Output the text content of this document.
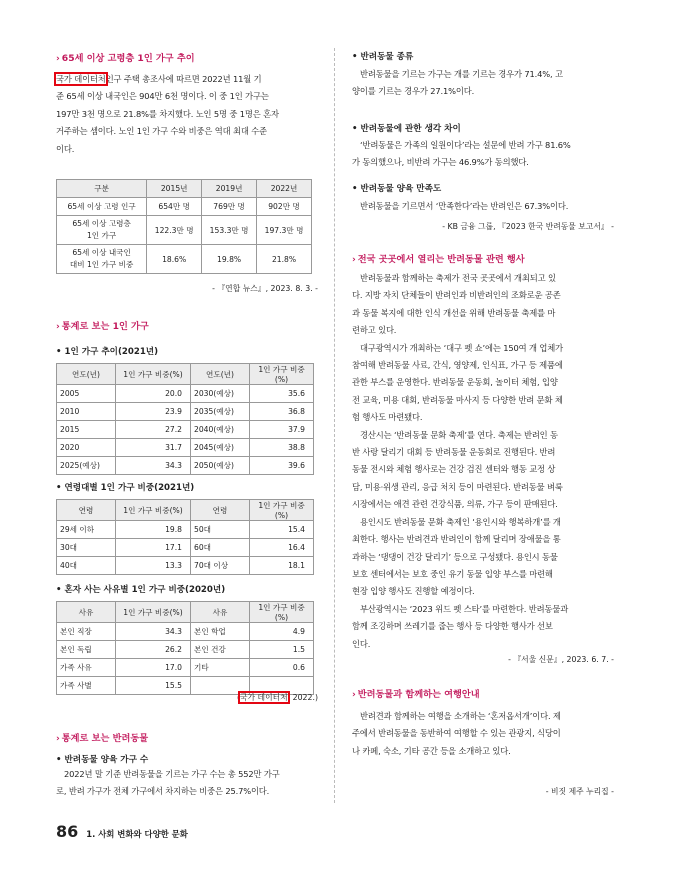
› 65세 이상 고령층 1인 가구 추이
국가 데이터처인구 주택 총조사에 따르면 2022년 11월 기
준 65세 이상 내국인은 904만 6천 명이다. 이 중 1인 가구는
197만 3천 명으로 21.8%를 차지했다. 노인 5명 중 1명은 혼자
거주하는 셈이다. 노인 1인 가구 수와 비중은 역대 최대 수준
이다.
구분	2015년	2019년	2022년
65세 이상 고령 인구	654만 명	769만 명	902만 명
65세 이상 고령층
1인 가구	122.3만 명	153.3만 명	197.3만 명
65세 이상 내국인
대비 1인 가구 비중	18.6%	19.8%	21.8%
- 『연합 뉴스』, 2023. 8. 3. -
› 통계로 보는 1인 가구
• 1인 가구 추이(2021년)
연도(년)	1인 가구 비중(%)	연도(년)	1인 가구 비중(%)
2005	20.0	2030(예상)	35.6
2010	23.9	2035(예상)	36.8
2015	27.2	2040(예상)	37.9
2020	31.7	2045(예상)	38.8
2025(예상)	34.3	2050(예상)	39.6
• 연령대별 1인 가구 비중(2021년)
연령	1인 가구 비중(%)	연령	1인 가구 비중(%)
29세 이하	19.8	50대	15.4
30대	17.1	60대	16.4
40대	13.3	70대 이상	18.1
• 혼자 사는 사유별 1인 가구 비중(2020년)
사유	1인 가구 비중(%)	사유	1인 가구 비중(%)
본인 직장	34.3	본인 학업	4.9
본인 독립	26.2	본인 건강	1.5
가족 사유	17.0	기타	0.6
가족 사별	15.5		
(국가 데이터처, 2022.)
› 통계로 보는 반려동물
• 반려동물 양육 가구 수
2022년 말 기준 반려동물을 기르는 가구 수는 총 552만 가구
로, 반려 가구가 전체 가구에서 차지하는 비중은 25.7%이다.
• 반려동물 종류
반려동물을 기르는 가구는 개를 기르는 경우가 71.4%, 고
양이를 기르는 경우가 27.1%이다.
• 반려동물에 관한 생각 차이
‘반려동물은 가족의 일원이다’라는 설문에 반려 가구 81.6%
가 동의했으나, 비반려 가구는 46.9%가 동의했다.
• 반려동물 양육 만족도
반려동물을 기르면서 ‘만족한다’라는 반려인은 67.3%이다.
- KB 금융 그룹, 『2023 한국 반려동물 보고서』 -
› 전국 곳곳에서 열리는 반려동물 관련 행사
반려동물과 함께하는 축제가 전국 곳곳에서 개최되고 있
다. 지방 자치 단체들이 반려인과 비반려인의 조화로운 공존
과 동물 복지에 대한 인식 개선을 위해 반려동물 축제를 마
련하고 있다.
대구광역시가 개최하는 ‘대구 펫 쇼’에는 150여 개 업체가
참여해 반려동물 사료, 간식, 영양제, 인식표, 가구 등 제품에
관한 부스를 운영한다. 반려동물 운동회, 놀이터 체험, 입양
전 교육, 미용 대회, 반려동물 마사지 등 다양한 반려 문화 체
험 행사도 마련됐다.
경산시는 ‘반려동물 문화 축제’를 연다. 축제는 반려인 동
반 사랑 달리기 대회 등 반려동물 운동회로 진행된다. 반려
동물 전시와 체험 행사로는 건강 검진 센터와 행동 교정 상
담, 미용·위생 관리, 응급 처치 등이 마련된다. 반려동물 벼룩
시장에서는 애견 관련 건강식품, 의류, 가구 등이 판매된다.
용인시도 반려동물 문화 축제인 ‘용인시와 행복하개’를 개
최한다. 행사는 반려견과 반려인이 함께 달리며 장애물을 통
과하는 ‘댕댕이 건강 달리기’ 등으로 구성됐다. 용인시 동물
보호 센터에서는 보호 중인 유기 동물 입양 부스를 마련해
현장 입양 행사도 진행할 예정이다.
부산광역시는 ‘2023 위드 펫 스타’를 마련한다. 반려동물과
함께 조깅하며 쓰레기를 줍는 행사 등 다양한 행사가 선보
인다.
- 『서울 신문』, 2023. 6. 7. -
› 반려동물과 함께하는 여행안내
반려견과 함께하는 여행을 소개하는 ‘혼저옵서개’이다. 제
주에서 반려동물을 동반하여 여행할 수 있는 관광지, 식당이
나 카페, 숙소, 기타 공간 등을 소개하고 있다.
- 비짓 제주 누리집 -
86 1. 사회 변화와 다양한 문화
